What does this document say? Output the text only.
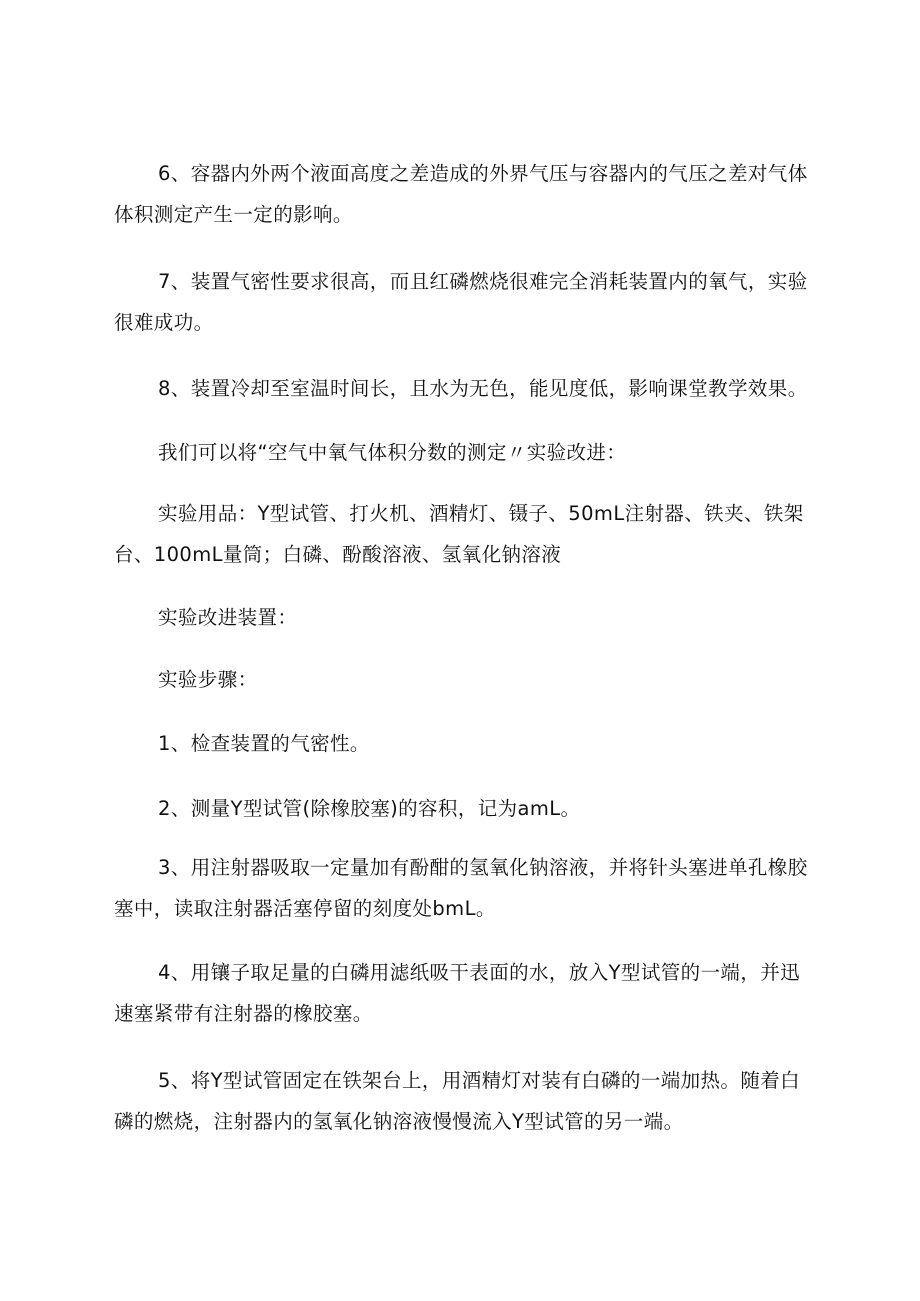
6、容器内外两个液面高度之差造成的外界气压与容器内的气压之差对气体
体积测定产生一定的影响。

7、装置气密性要求很高，而且红磷燃烧很难完全消耗装置内的氧气，实验
很难成功。

8、装置冷却至室温时间长，且水为无色，能见度低，影响课堂教学效果。

我们可以将“空气中氧气体积分数的测定〃实验改进：

实验用品：Y型试管、打火机、酒精灯、镊子、50mL注射器、铁夹、铁架
台、100mL量筒；白磷、酚酸溶液、氢氧化钠溶液

实验改进装置：

实验步骤：

1、检查装置的气密性。

2、测量Y型试管(除橡胶塞)的容积，记为amL。

3、用注射器吸取一定量加有酚酣的氢氧化钠溶液，并将针头塞进单孔橡胶
塞中，读取注射器活塞停留的刻度处bmL。

4、用镶子取足量的白磷用滤纸吸干表面的水，放入Y型试管的一端，并迅
速塞紧带有注射器的橡胶塞。

5、将Y型试管固定在铁架台上，用酒精灯对装有白磷的一端加热。随着白
磷的燃烧，注射器内的氢氧化钠溶液慢慢流入Y型试管的另一端。
